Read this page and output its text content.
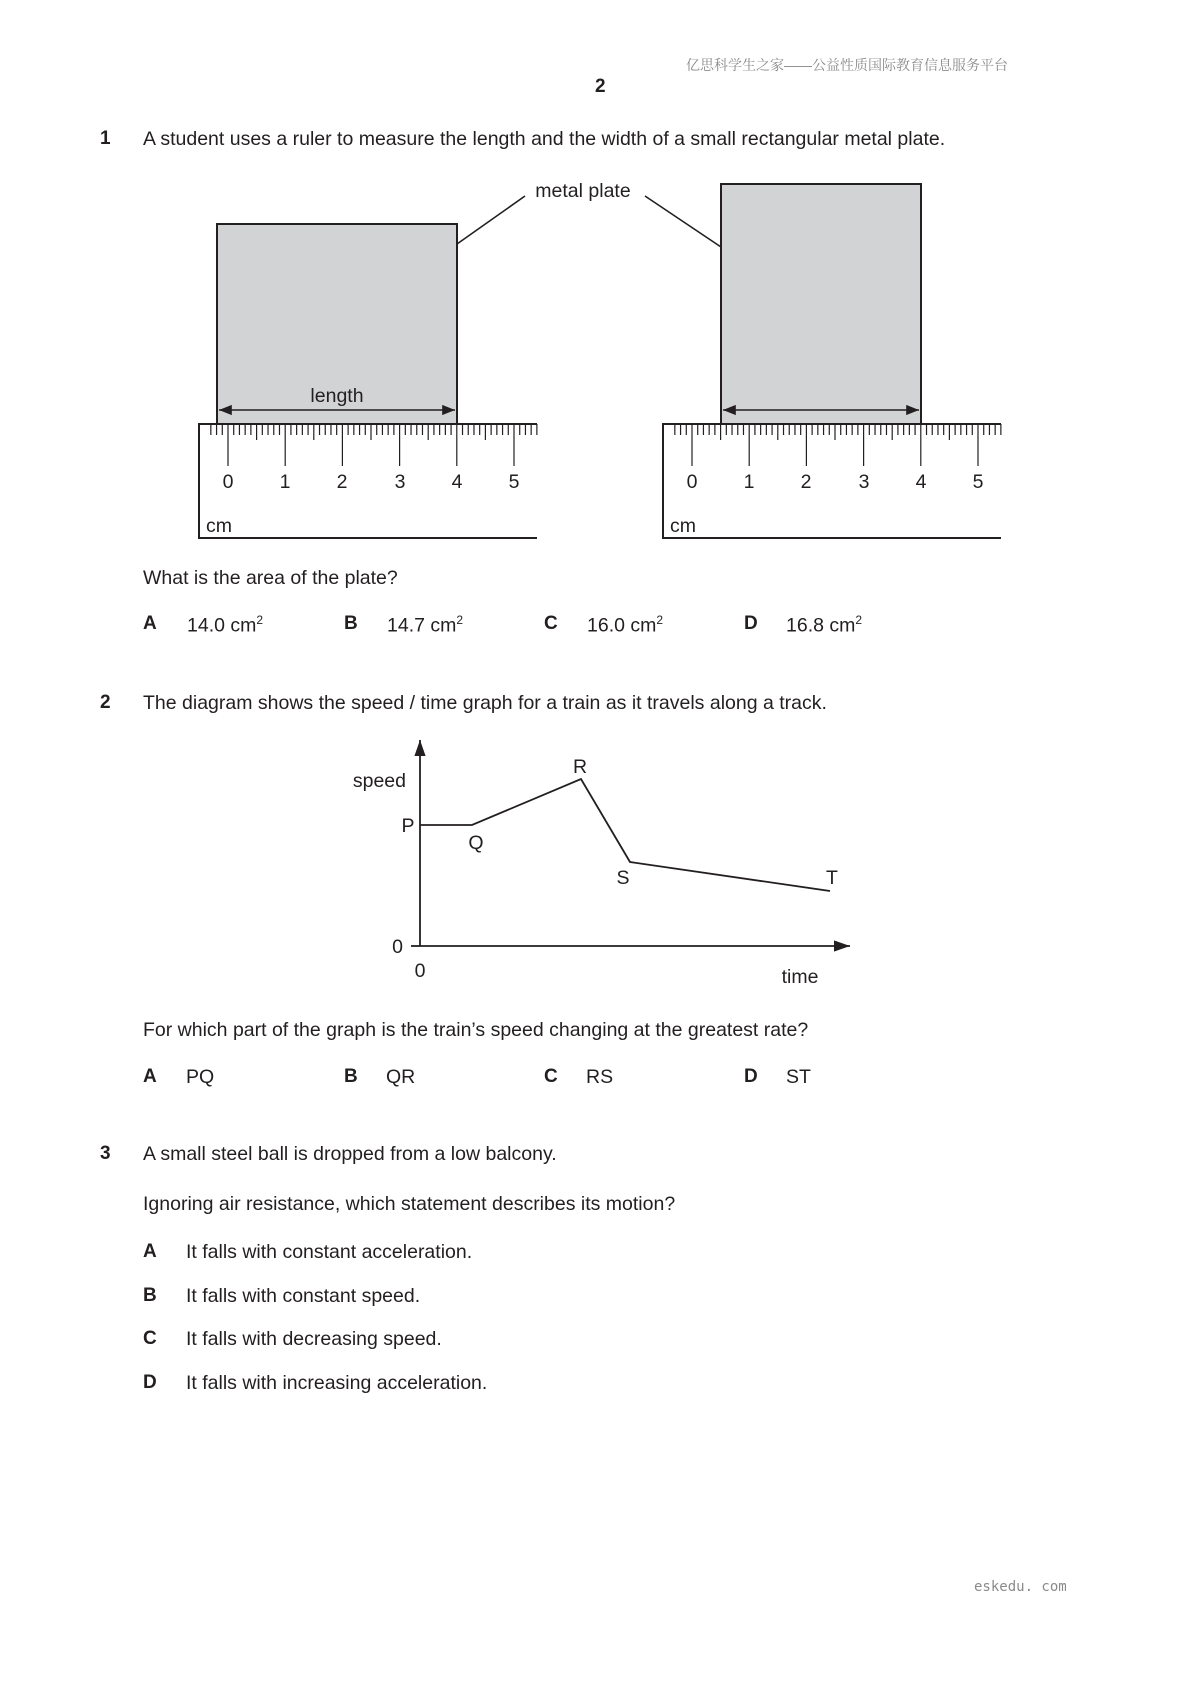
亿思科学生之家——公益性质国际教育信息服务平台
2
1 A student uses a ruler to measure the length and the width of a small rectangular metal plate.
metal plate
length
0 1 2 3 4 5
cm
0 1 2 3 4 5
cm
What is the area of the plate?
A 14.0 $cm^2$	B 14.7 $cm^2$	C 16.0 $cm^2$	D 16.8 $cm^2$
2 The diagram shows the speed / time graph for a train as it travels along a track.
speed
time
0
0
P
Q
R
S	T
For which part of the graph is the train’s speed changing at the greatest rate?
A PQ	B QR	C RS	D ST
3 A small steel ball is dropped from a low balcony.
Ignoring air resistance, which statement describes its motion?
A It falls with constant acceleration.
B It falls with constant speed.
C It falls with decreasing speed.
D It falls with increasing acceleration.
eskedu. com
